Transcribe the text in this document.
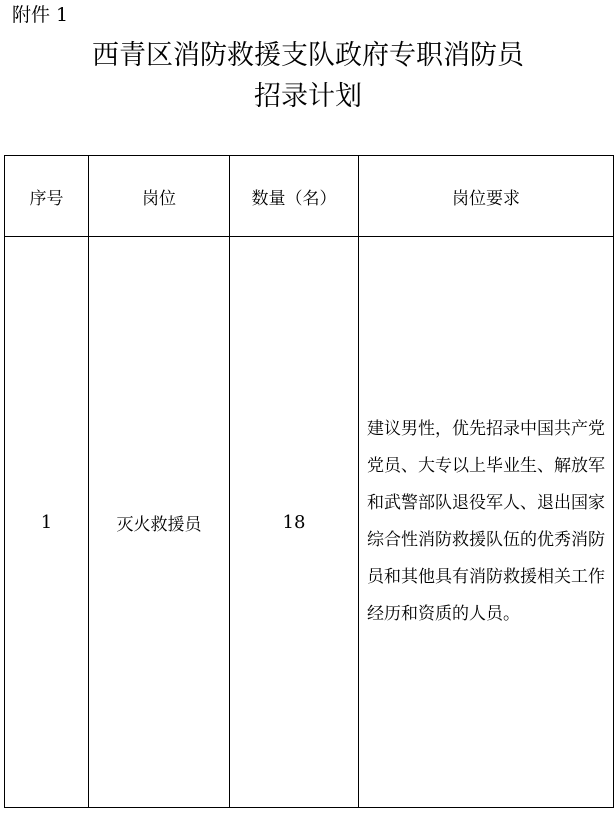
附件 1
西青区消防救援支队政府专职消防员
招录计划
序号	岗位	数量（名）	岗位要求
1	灭火救援员	18	建议男性，优先招录中国共产党党员、大专以上毕业生、解放军和武警部队退役军人、退出国家综合性消防救援队伍的优秀消防员和其他具有消防救援相关工作经历和资质的人员。
